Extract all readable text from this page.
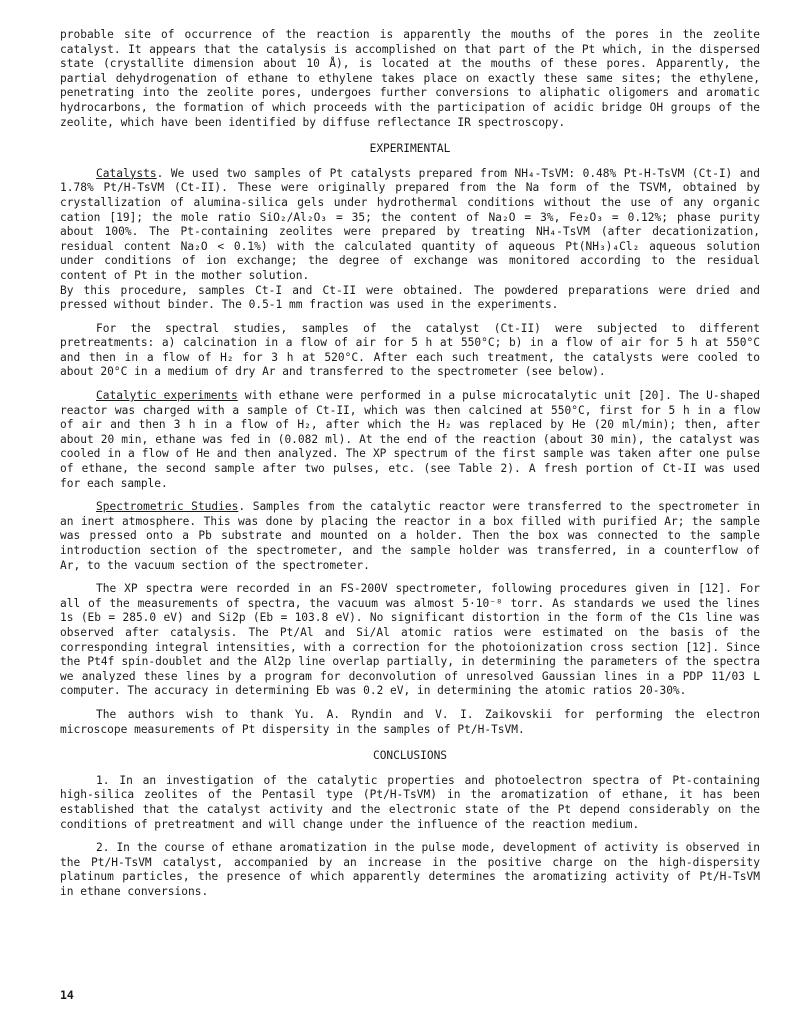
probable site of occurrence of the reaction is apparently the mouths of the pores in the zeolite catalyst. It appears that the catalysis is accomplished on that part of the Pt which, in the dispersed state (crystallite dimension about 10 Å), is located at the mouths of these pores. Apparently, the partial dehydrogenation of ethane to ethylene takes place on exactly these same sites; the ethylene, penetrating into the zeolite pores, undergoes further conversions to aliphatic oligomers and aromatic hydrocarbons, the formation of which proceeds with the participation of acidic bridge OH groups of the zeolite, which have been identified by diffuse reflectance IR spectroscopy.

EXPERIMENTAL

Catalysts. We used two samples of Pt catalysts prepared from NH₄-TsVM: 0.48% Pt-H-TsVM (Ct-I) and 1.78% Pt/H-TsVM (Ct-II). These were originally prepared from the Na form of the TSVM, obtained by crystallization of alumina-silica gels under hydrothermal conditions without the use of any organic cation [19]; the mole ratio SiO₂/Al₂O₃ = 35; the content of Na₂O = 3%, Fe₂O₃ = 0.12%; phase purity about 100%. The Pt-containing zeolites were prepared by treating NH₄-TsVM (after decationization, residual content Na₂O < 0.1%) with the calculated quantity of aqueous Pt(NH₃)₄Cl₂ aqueous solution under conditions of ion exchange; the degree of exchange was monitored according to the residual content of Pt in the mother solution.

By this procedure, samples Ct-I and Ct-II were obtained. The powdered preparations were dried and pressed without binder. The 0.5-1 mm fraction was used in the experiments.

For the spectral studies, samples of the catalyst (Ct-II) were subjected to different pretreatments: a) calcination in a flow of air for 5 h at 550°C; b) in a flow of air for 5 h at 550°C and then in a flow of H₂ for 3 h at 520°C. After each such treatment, the catalysts were cooled to about 20°C in a medium of dry Ar and transferred to the spectrometer (see below).

Catalytic experiments with ethane were performed in a pulse microcatalytic unit [20]. The U-shaped reactor was charged with a sample of Ct-II, which was then calcined at 550°C, first for 5 h in a flow of air and then 3 h in a flow of H₂, after which the H₂ was replaced by He (20 ml/min); then, after about 20 min, ethane was fed in (0.082 ml). At the end of the reaction (about 30 min), the catalyst was cooled in a flow of He and then analyzed. The XP spectrum of the first sample was taken after one pulse of ethane, the second sample after two pulses, etc. (see Table 2). A fresh portion of Ct-II was used for each sample.

Spectrometric Studies. Samples from the catalytic reactor were transferred to the spectrometer in an inert atmosphere. This was done by placing the reactor in a box filled with purified Ar; the sample was pressed onto a Pb substrate and mounted on a holder. Then the box was connected to the sample introduction section of the spectrometer, and the sample holder was transferred, in a counterflow of Ar, to the vacuum section of the spectrometer.

The XP spectra were recorded in an FS-200V spectrometer, following procedures given in [12]. For all of the measurements of spectra, the vacuum was almost 5·10⁻⁸ torr. As standards we used the lines 1s (Eb = 285.0 eV) and Si2p (Eb = 103.8 eV). No significant distortion in the form of the C1s line was observed after catalysis. The Pt/Al and Si/Al atomic ratios were estimated on the basis of the corresponding integral intensities, with a correction for the photoionization cross section [12]. Since the Pt4f spin-doublet and the Al2p line overlap partially, in determining the parameters of the spectra we analyzed these lines by a program for deconvolution of unresolved Gaussian lines in a PDP 11/03 L computer. The accuracy in determining Eb was 0.2 eV, in determining the atomic ratios 20-30%.

The authors wish to thank Yu. A. Ryndin and V. I. Zaikovskii for performing the electron microscope measurements of Pt dispersity in the samples of Pt/H-TsVM.

CONCLUSIONS

1. In an investigation of the catalytic properties and photoelectron spectra of Pt-containing high-silica zeolites of the Pentasil type (Pt/H-TsVM) in the aromatization of ethane, it has been established that the catalyst activity and the electronic state of the Pt depend considerably on the conditions of pretreatment and will change under the influence of the reaction medium.

2. In the course of ethane aromatization in the pulse mode, development of activity is observed in the Pt/H-TsVM catalyst, accompanied by an increase in the positive charge on the high-dispersity platinum particles, the presence of which apparently determines the aromatizing activity of Pt/H-TsVM in ethane conversions.

14
